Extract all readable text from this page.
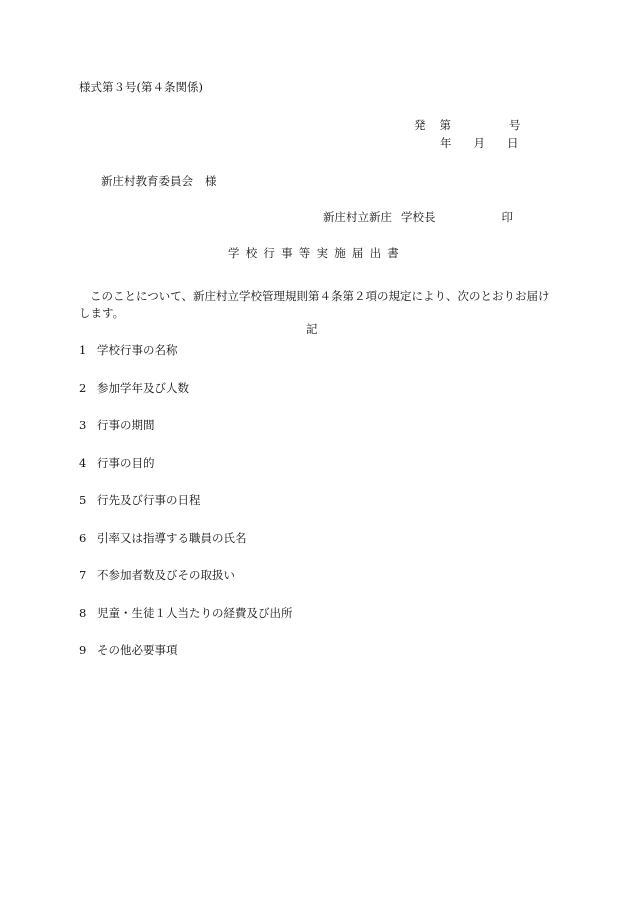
様式第３号(第４条関係)
発 第	号
年 月 日
新庄村教育委員会 様
新庄村立新庄 学校長	印
学校行事等実施届出書
このことについて、新庄村立学校管理規則第４条第２項の規定により、次のとおりお届けします。
記
1 学校行事の名称
2 参加学年及び人数
3 行事の期間
4 行事の目的
5 行先及び行事の日程
6 引率又は指導する職員の氏名
7 不参加者数及びその取扱い
8 児童・生徒１人当たりの経費及び出所
9 その他必要事項
